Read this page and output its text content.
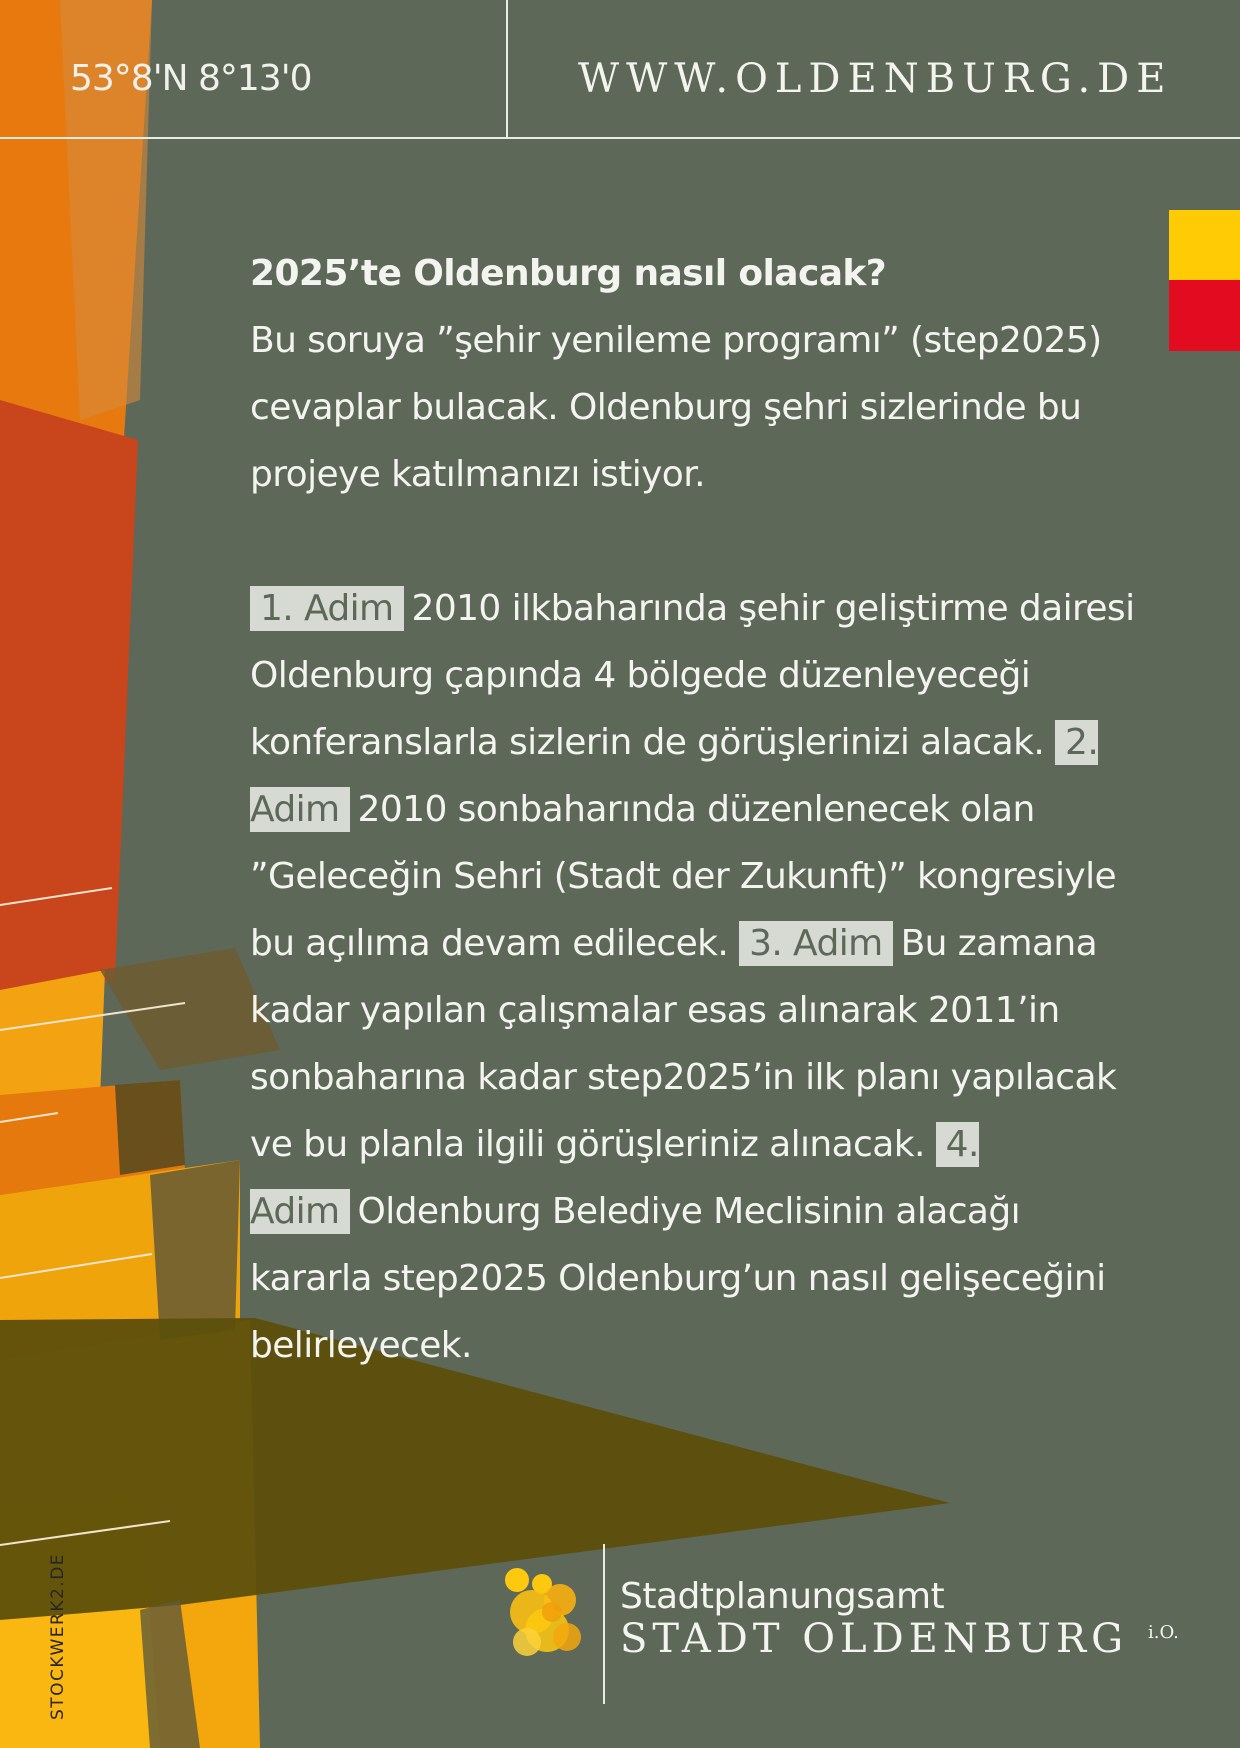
53°8'N 8°13'0	WWW.OLDENBURG.DE
2025’te Oldenburg nasıl olacak?
Bu soruya ”şehir yenileme programı” (step2025) cevaplar bulacak. Oldenburg şehri sizlerinde bu projeye katılmanızı istiyor.
1. Adim 2010 ilkbaharında şehir geliştirme dairesi Oldenburg çapında 4 bölgede düzenleyeceği konferanslarla sizlerin de görüşlerinizi alacak. 2. Adim 2010 sonbaharında düzenlenecek olan ”Geleceğin Sehri (Stadt der Zukunft)” kongresiyle bu açılıma devam edilecek. 3. Adim Bu zamana kadar yapılan çalışmalar esas alınarak 2011’in sonbaharına kadar step2025’in ilk planı yapılacak ve bu planla ilgili görüşleriniz alınacak. 4. Adim Oldenburg Belediye Meclisinin alacağı kararla step2025 Oldenburg’un nasıl gelişeceğini belirleyecek.
Stadtplanungsamt
STADT OLDENBURG i.O.
STOCKWERK2.DE
